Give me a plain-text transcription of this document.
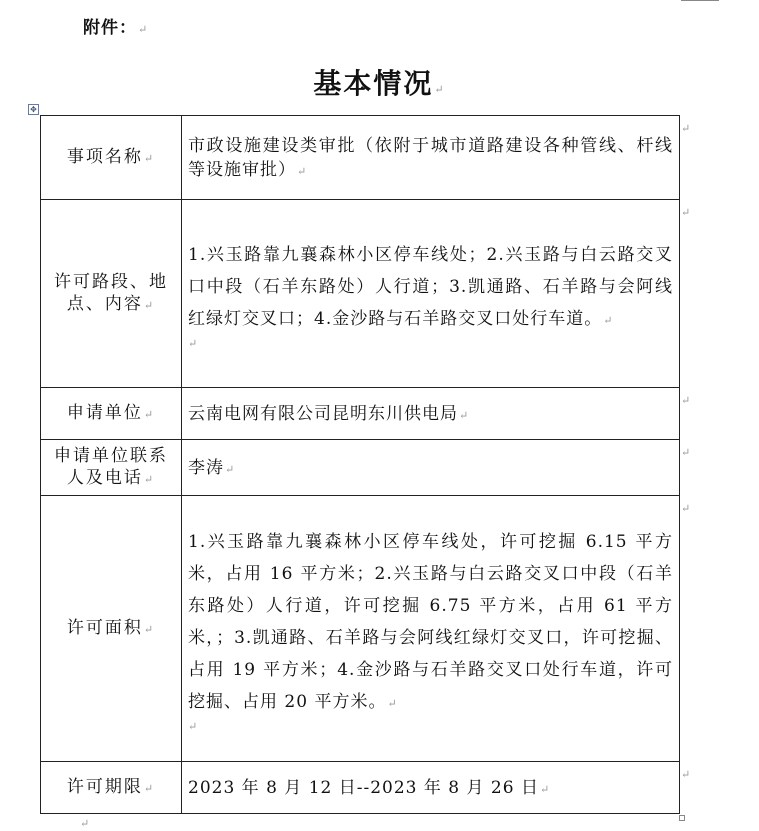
附件：↵
基本情况↵
✥
事项名称↵	市政设施建设类审批（依附于城市道路建设各种管线、杆线等设施审批）↵
许可路段、地点、内容↵	1.兴玉路靠九襄森林小区停车线处；2.兴玉路与白云路交叉口中段（石羊东路处）人行道；3.凯通路、石羊路与会阿线红绿灯交叉口；4.金沙路与石羊路交叉口处行车道。↵
↵

申请单位↵	云南电网有限公司昆明东川供电局↵
申请单位联系人及电话↵	李涛↵
许可面积↵	1.兴玉路靠九襄森林小区停车线处，许可挖掘 6.15 平方米，占用 16 平方米；2.兴玉路与白云路交叉口中段（石羊东路处）人行道，许可挖掘 6.75 平方米，占用 61 平方米，；3.凯通路、石羊路与会阿线红绿灯交叉口，许可挖掘、占用 19 平方米；4.金沙路与石羊路交叉口处行车道，许可挖掘、占用 20 平方米。↵
↵

许可期限↵	2023 年 8 月 12 日--2023 年 8 月 26 日↵
↵
↵
↵
↵
↵
↵
↵
